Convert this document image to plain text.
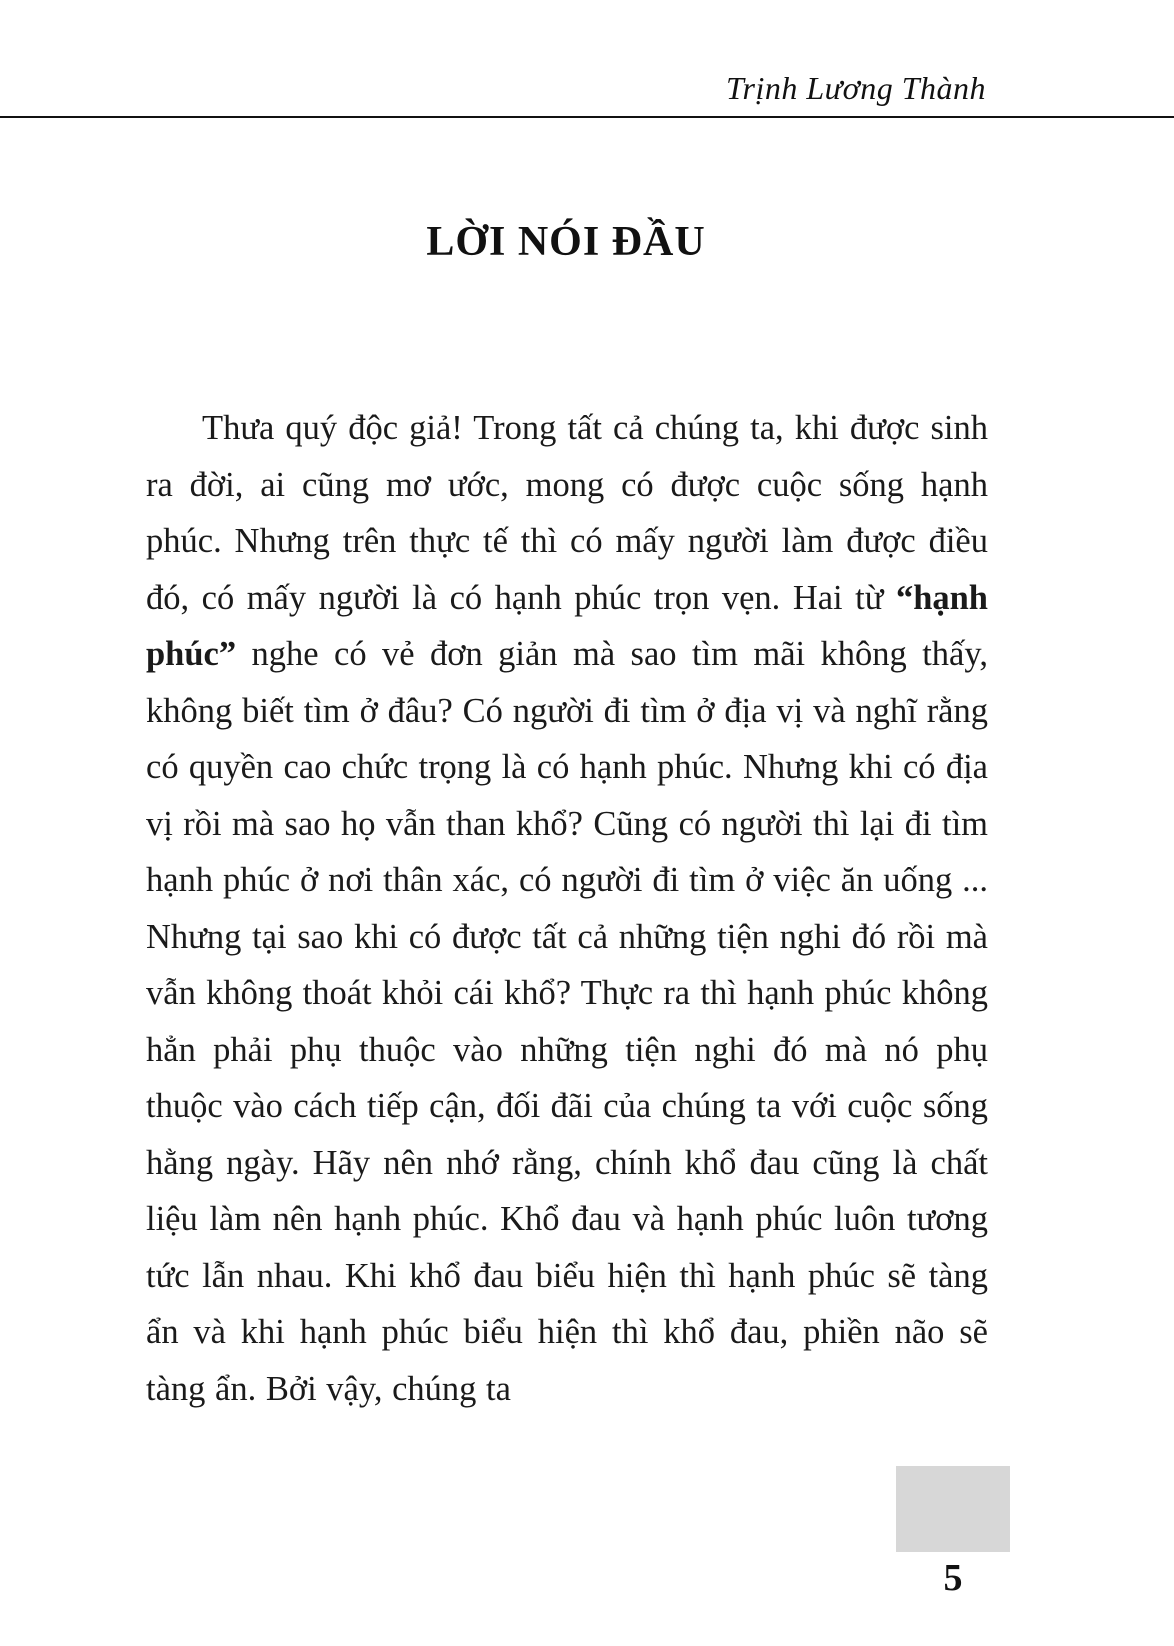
Trịnh Lương Thành
LỜI NÓI ĐẦU
Thưa quý độc giả! Trong tất cả chúng ta, khi được sinh ra đời, ai cũng mơ ước, mong có được cuộc sống hạnh phúc. Nhưng trên thực tế thì có mấy người làm được điều đó, có mấy người là có hạnh phúc trọn vẹn. Hai từ “hạnh phúc” nghe có vẻ đơn giản mà sao tìm mãi không thấy, không biết tìm ở đâu? Có người đi tìm ở địa vị và nghĩ rằng có quyền cao chức trọng là có hạnh phúc. Nhưng khi có địa vị rồi mà sao họ vẫn than khổ? Cũng có người thì lại đi tìm hạnh phúc ở nơi thân xác, có người đi tìm ở việc ăn uống ... Nhưng tại sao khi có được tất cả những tiện nghi đó rồi mà vẫn không thoát khỏi cái khổ? Thực ra thì hạnh phúc không hẳn phải phụ thuộc vào những tiện nghi đó mà nó phụ thuộc vào cách tiếp cận, đối đãi của chúng ta với cuộc sống hằng ngày. Hãy nên nhớ rằng, chính khổ đau cũng là chất liệu làm nên hạnh phúc. Khổ đau và hạnh phúc luôn tương tức lẫn nhau. Khi khổ đau biểu hiện thì hạnh phúc sẽ tàng ẩn và khi hạnh phúc biểu hiện thì khổ đau, phiền não sẽ tàng ẩn. Bởi vậy, chúng ta
5
